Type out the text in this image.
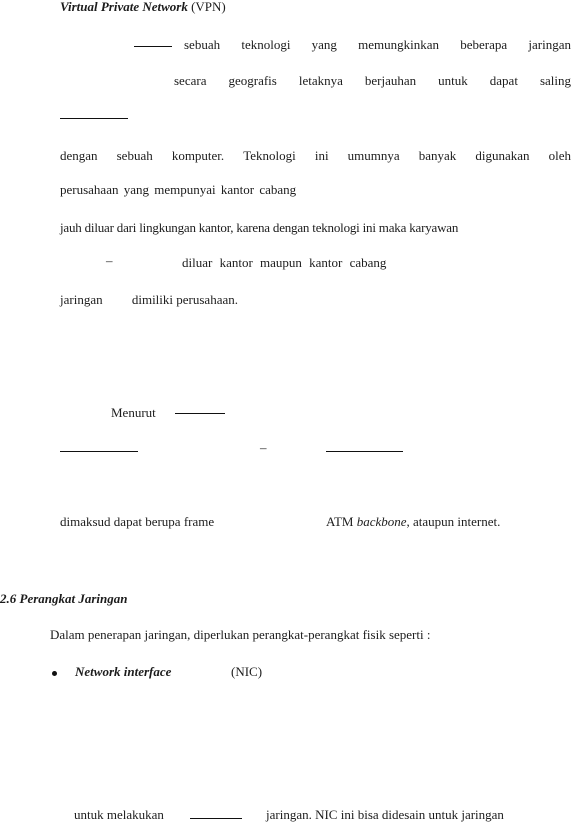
Virtual Private Network (VPN)
sebuah teknologi yang memungkinkan beberapa jaringan
secara geografis letaknya berjauhan untuk dapat saling
dengan sebuah komputer. Teknologi ini umumnya banyak digunakan oleh
perusahaan yang mempunyai kantor cabang
jauh diluar dari lingkungan kantor, karena dengan teknologi ini maka karyawan
–	diluar kantor maupun kantor cabang
jaringan         dimiliki perusahaan.
Menurut
–
dimaksud dapat berupa frame	ATM backbone, ataupun internet.
2.6 Perangkat Jaringan
Dalam penerapan jaringan, diperlukan perangkat-perangkat fisik seperti :
Network interface	(NIC)
untuk melakukan	jaringan. NIC ini bisa didesain untuk jaringan
